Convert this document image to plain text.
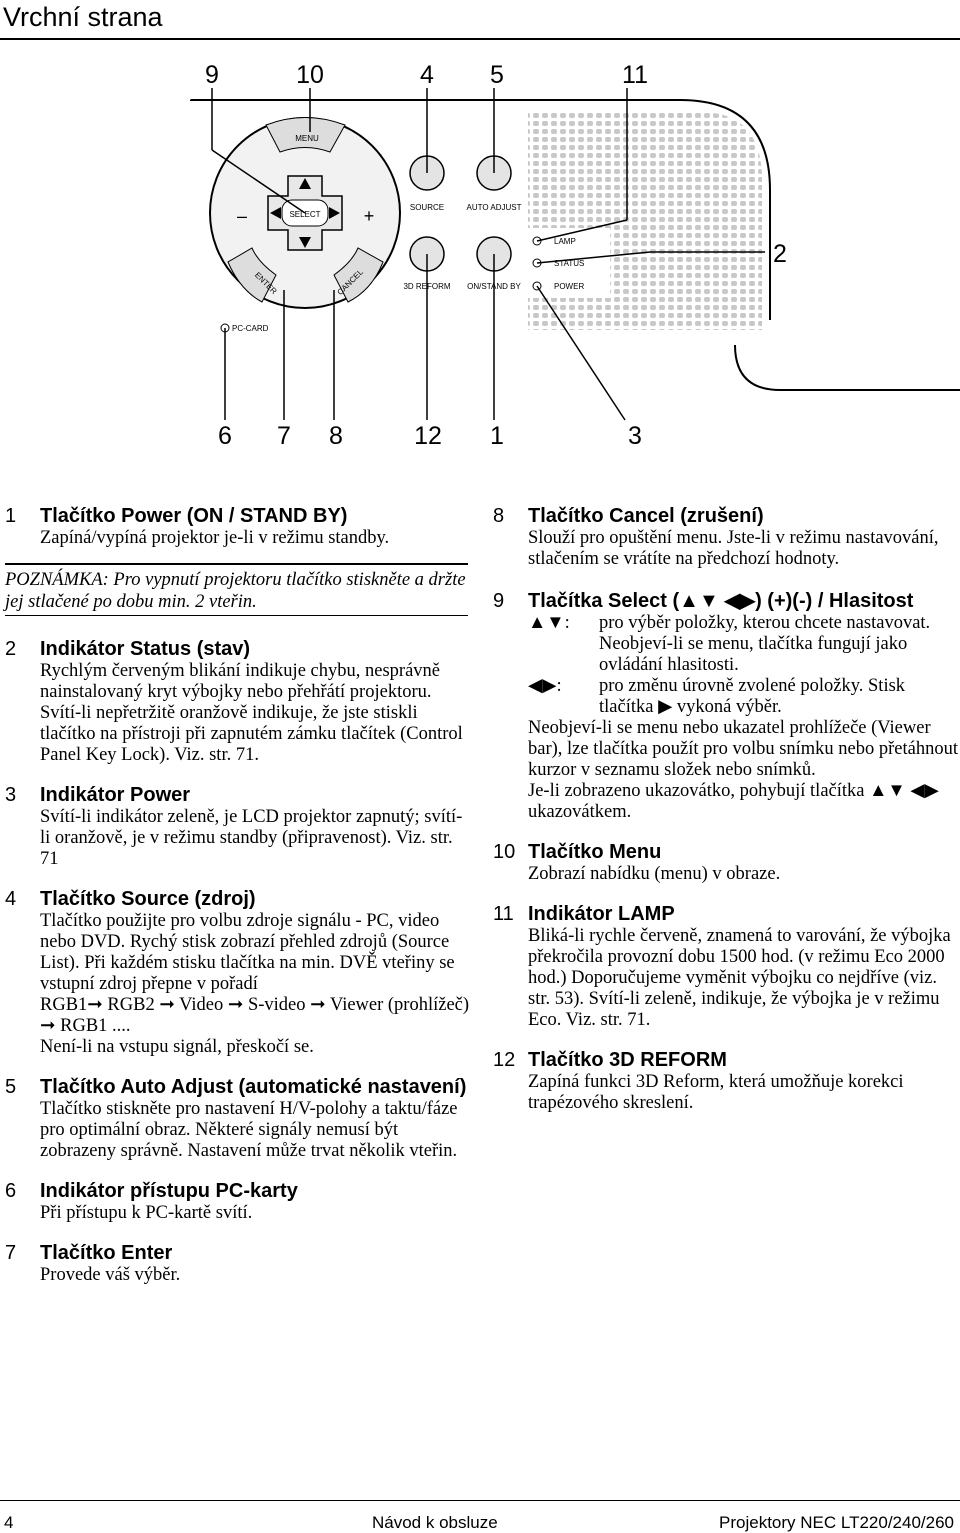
Vrchní strana
MENU
SELECT
ENTER	CANCEL
–	+	SOURCE	AUTO ADJUST
3D REFORM ON/STAND BY
LAMP
STATUS
POWER
PC-CARD
9	10	4 5	11
2
6 7 8	12 1	3
1 Tlačítko Power (ON / STAND BY)
Zapíná/vypíná projektor je-li v režimu standby.
POZNÁMKA: Pro vypnutí projektoru tlačítko stiskněte a držte jej stlačené po dobu min. 2 vteřin.
2 Indikátor Status (stav)
Rychlým červeným blikání indikuje chybu, nesprávně nainstalovaný kryt výbojky nebo přehřátí projektoru. Svítí-li nepřetržitě oranžově indikuje, že jste stiskli tlačítko na přístroji při zapnutém zámku tlačítek (Control Panel Key Lock). Viz. str. 71.
3 Indikátor Power
Svítí-li indikátor zeleně, je LCD projektor zapnutý; svítí-li oranžově, je v režimu standby (připravenost). Viz. str. 71
4 Tlačítko Source (zdroj)
Tlačítko použijte pro volbu zdroje signálu - PC, video nebo DVD. Rychý stisk zobrazí přehled zdrojů (Source List). Při každém stisku tlačítka na min. DVĚ vteřiny se vstupní zdroj přepne v pořadí
RGB1➞ RGB2 ➞ Video ➞ S-video ➞ Viewer (prohlížeč) ➞ RGB1 ....
Není-li na vstupu signál, přeskočí se.
5 Tlačítko Auto Adjust (automatické nastavení)
Tlačítko stiskněte pro nastavení H/V-polohy a taktu/fáze pro optimální obraz. Některé signály nemusí být zobrazeny správně. Nastavení může trvat několik vteřin.
6 Indikátor přístupu PC-karty
Při přístupu k PC-kartě svítí.
7 Tlačítko Enter
Provede váš výběr.
8 Tlačítko Cancel (zrušení)
Slouží pro opuštění menu. Jste-li v režimu nastavování, stlačením se vrátíte na předchozí hodnoty.
9 Tlačítka Select (▲▼ ◀▶) (+)(-) / Hlasitost
▲▼:	pro výběr položky, kterou chcete nastavovat. Neobjeví-li se menu, tlačítka fungují jako ovládání hlasitosti.
◀▶:	pro změnu úrovně zvolené položky. Stisk tlačítka ▶ vykoná výběr.
Neobjeví-li se menu nebo ukazatel prohlížeče (Viewer bar), lze tlačítka použít pro volbu snímku nebo přetáhnout kurzor v seznamu složek nebo snímků.
Je-li zobrazeno ukazovátko, pohybují tlačítka ▲▼ ◀▶ ukazovátkem.
10 Tlačítko Menu
Zobrazí nabídku (menu) v obraze.
11 Indikátor LAMP
Bliká-li rychle červeně, znamená to varování, že výbojka překročila provozní dobu 1500 hod. (v režimu Eco 2000 hod.) Doporučujeme vyměnit výbojku co nejdříve (viz. str. 53). Svítí-li zeleně, indikuje, že výbojka je v režimu Eco. Viz. str. 71.
12 Tlačítko 3D REFORM
Zapíná funkci 3D Reform, která umožňuje korekci trapézového skreslení.
4	Návod k obsluze	Projektory NEC LT220/240/260
